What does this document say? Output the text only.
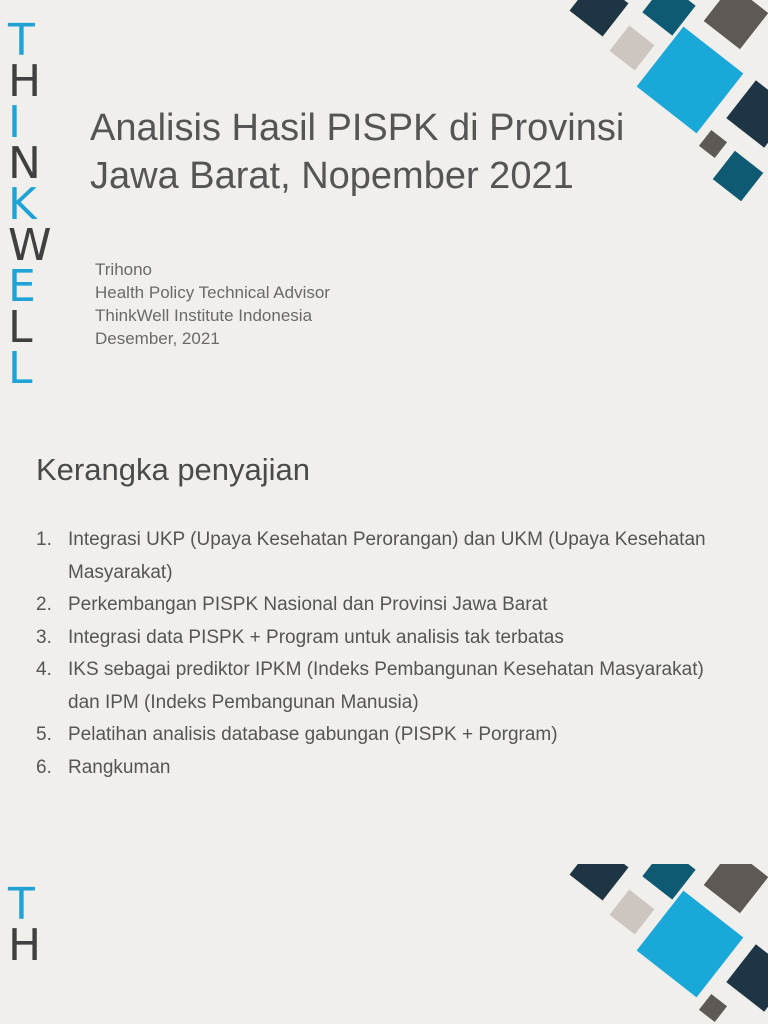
T
H
I
N
K
W
E
L
L
Analisis Hasil PISPK di Provinsi Jawa Barat, Nopember 2021
Trihono
Health Policy Technical Advisor
ThinkWell Institute Indonesia
Desember, 2021
Kerangka penyajian
1. Integrasi UKP (Upaya Kesehatan Perorangan) dan UKM (Upaya Kesehatan Masyarakat)
2. Perkembangan PISPK Nasional dan Provinsi Jawa Barat
3. Integrasi data PISPK + Program untuk analisis tak terbatas
4. IKS sebagai prediktor IPKM (Indeks Pembangunan Kesehatan Masyarakat) dan IPM (Indeks Pembangunan Manusia)
5. Pelatihan analisis database gabungan (PISPK + Porgram)
6. Rangkuman
T
H
